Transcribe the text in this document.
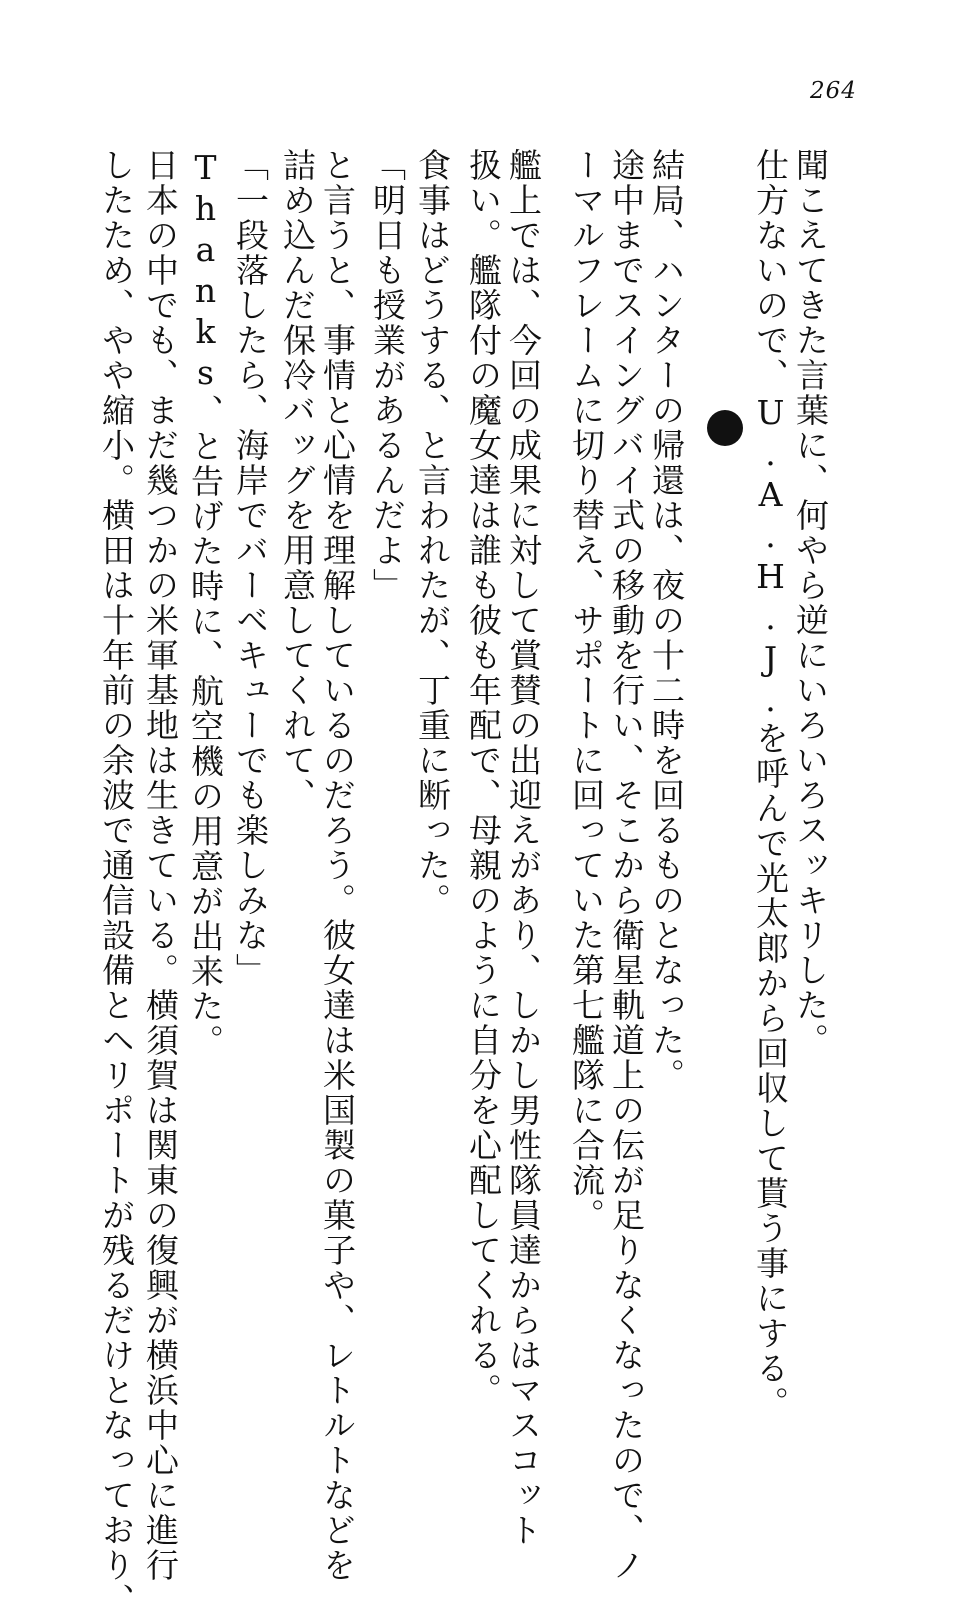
264
聞こえてきた言葉に、何やら逆にいろいろスッキリした。
仕方ないので、U.A.H.J.を呼んで光太郎から回収して貰う事にする。
結局、ハンターの帰還は、夜の十二時を回るものとなった。
途中までスイングバイ式の移動を行い、そこから衛星軌道上の伝が足りなくなったので、ノ
ーマルフレームに切り替え、サポートに回っていた第七艦隊に合流。
艦上では、今回の成果に対して賞賛の出迎えがあり、しかし男性隊員達からはマスコット
扱い。艦隊付の魔女達は誰も彼も年配で、母親のように自分を心配してくれる。
食事はどうする、と言われたが、丁重に断った。
「明日も授業があるんだよ」
と言うと、事情と心情を理解しているのだろう。彼女達は米国製の菓子や、レトルトなどを
詰め込んだ保冷バッグを用意してくれて、
「一段落したら、海岸でバーベキューでも楽しみな」
Thanks、と告げた時に、航空機の用意が出来た。
日本の中でも、まだ幾つかの米軍基地は生きている。横須賀は関東の復興が横浜中心に進行
したため、やや縮小。横田は十年前の余波で通信設備とヘリポートが残るだけとなっており、
